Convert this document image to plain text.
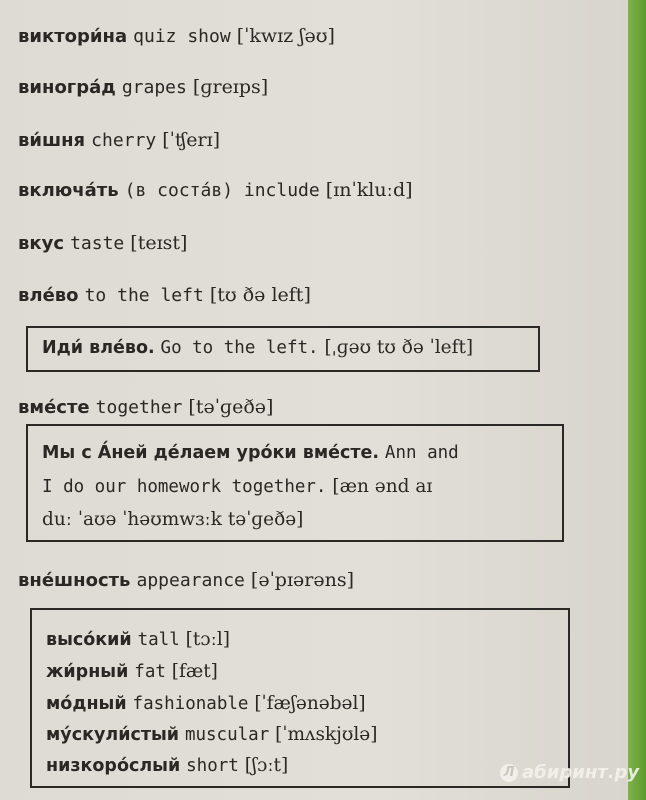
виктори́на quiz show [ˈkwɪz ʃəʊ]
виногра́д grapes [ɡreɪps]
ви́шня cherry [ˈʧerɪ]
включа́ть (в соста́в) include [ɪnˈkluːd]
вкус taste [teɪst]
вле́во to the left [tʊ ðə left]
Иди́ вле́во. Go to the left. [ˌɡəʊ tʊ ðə ˈleft]
вме́сте together [təˈɡeðə]
Мы с А́ней де́лаем уро́ки вме́сте. Ann and
I do our homework together. [æn ənd aɪ
duː ˈaʊə ˈhəʊmwɜːk təˈɡeðə]
вне́шность appearance [əˈpɪərəns]
высо́кий tall [tɔːl]
жи́рный fat [fæt]
мо́дный fashionable [ˈfæʃənəbəl]
му́скули́стый muscular [ˈmʌskjʊlə]
низкоро́слый short [ʃɔːt]	Л абиринт.ру
